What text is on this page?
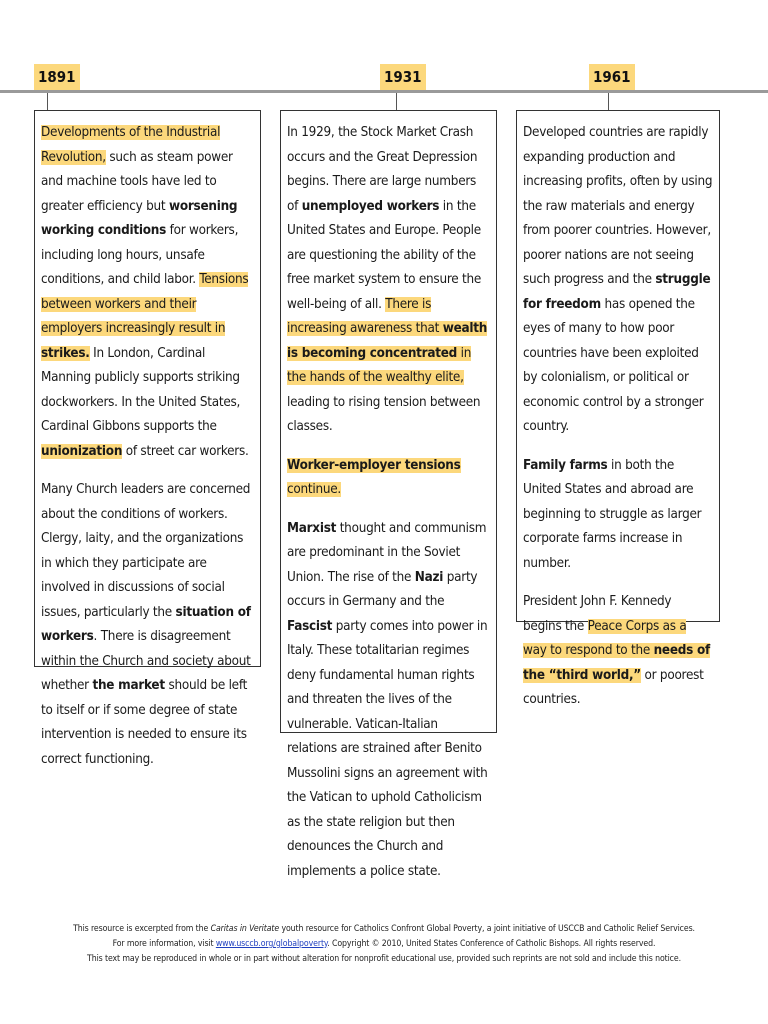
1891	1931	1961

Developments of the Industrial Revolution, such as steam power and machine tools have led to greater efficiency but worsening working conditions for workers, including long hours, unsafe conditions, and child labor. Tensions between workers and their employers increasingly result in strikes. In London, Cardinal Manning publicly supports striking dockworkers. In the United States, Cardinal Gibbons supports the unionization of street car workers.

Many Church leaders are concerned about the conditions of workers. Clergy, laity, and the organizations in which they participate are involved in discussions of social issues, particularly the situation of workers. There is disagreement within the Church and society about whether the market should be left to itself or if some degree of state intervention is needed to ensure its correct functioning.

In 1929, the Stock Market Crash occurs and the Great Depression begins. There are large numbers of unemployed workers in the United States and Europe. People are questioning the ability of the free market system to ensure the well-being of all. There is increasing awareness that wealth is becoming concentrated in the hands of the wealthy elite, leading to rising tension between classes.

Worker-employer tensions continue.

Marxist thought and communism are predominant in the Soviet Union. The rise of the Nazi party occurs in Germany and the Fascist party comes into power in Italy. These totalitarian regimes deny fundamental human rights and threaten the lives of the vulnerable. Vatican-Italian relations are strained after Benito Mussolini signs an agreement with the Vatican to uphold Catholicism as the state religion but then denounces the Church and implements a police state.

Developed countries are rapidly expanding production and increasing profits, often by using the raw materials and energy from poorer countries. However, poorer nations are not seeing such progress and the struggle for freedom has opened the eyes of many to how poor countries have been exploited by colonialism, or political or economic control by a stronger country.

Family farms in both the United States and abroad are beginning to struggle as larger corporate farms increase in number.

President John F. Kennedy begins the Peace Corps as a way to respond to the needs of the “third world,” or poorest countries.

This resource is excerpted from the Caritas in Veritate youth resource for Catholics Confront Global Poverty, a joint initiative of USCCB and Catholic Relief Services.
For more information, visit www.usccb.org/globalpoverty. Copyright © 2010, United States Conference of Catholic Bishops. All rights reserved.
This text may be reproduced in whole or in part without alteration for nonprofit educational use, provided such reprints are not sold and include this notice.
